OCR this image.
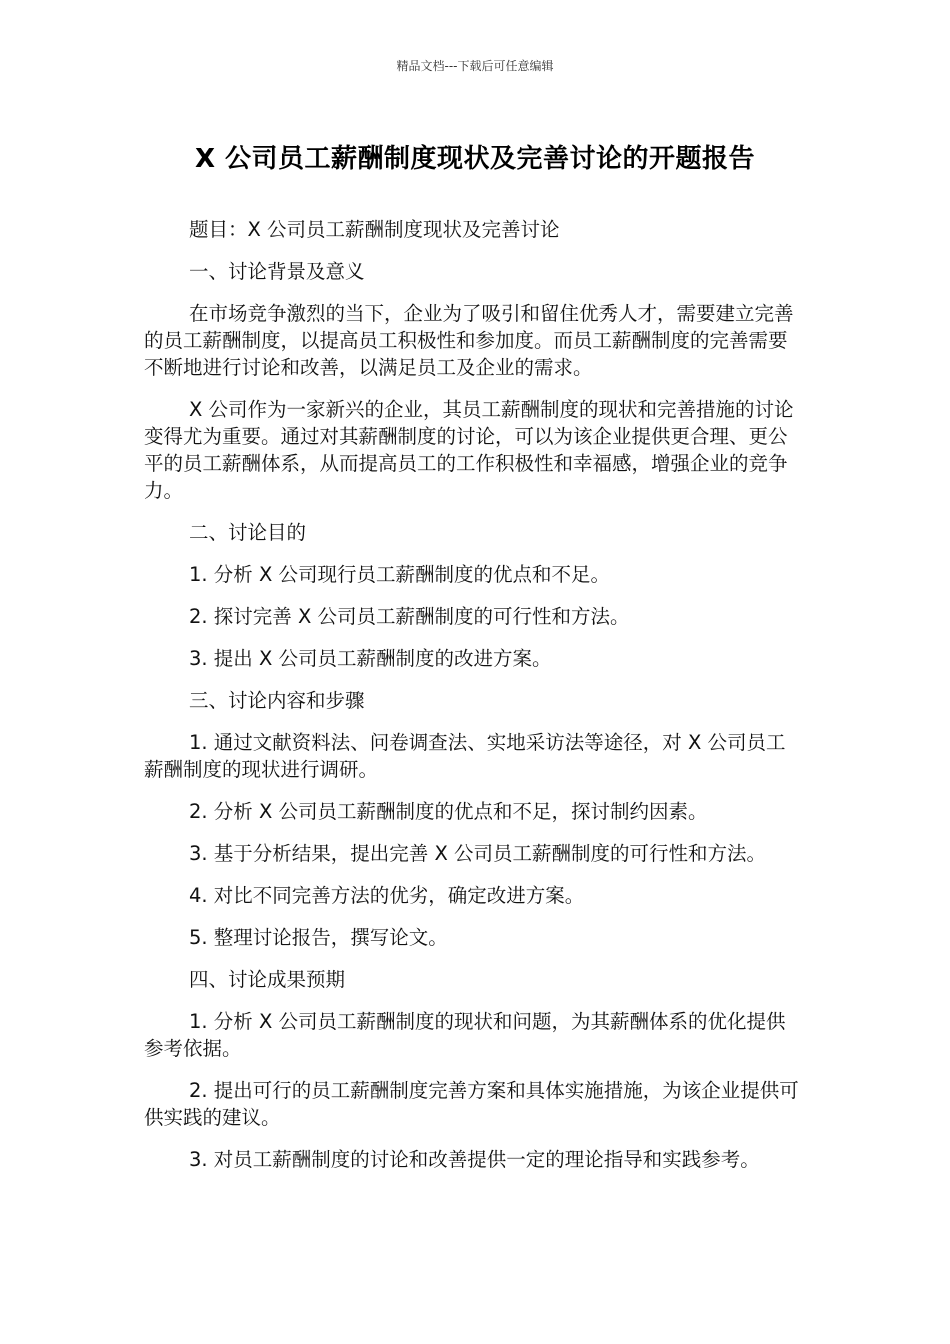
精品文档---下载后可任意编辑
X 公司员工薪酬制度现状及完善讨论的开题报告

题目：X 公司员工薪酬制度现状及完善讨论

一、讨论背景及意义

在市场竞争激烈的当下，企业为了吸引和留住优秀人才，需要建立完善的员工薪酬制度，以提高员工积极性和参加度。而员工薪酬制度的完善需要不断地进行讨论和改善，以满足员工及企业的需求。

X 公司作为一家新兴的企业，其员工薪酬制度的现状和完善措施的讨论变得尤为重要。通过对其薪酬制度的讨论，可以为该企业提供更合理、更公平的员工薪酬体系，从而提高员工的工作积极性和幸福感，增强企业的竞争力。

二、讨论目的

1. 分析 X 公司现行员工薪酬制度的优点和不足。

2. 探讨完善 X 公司员工薪酬制度的可行性和方法。

3. 提出 X 公司员工薪酬制度的改进方案。

三、讨论内容和步骤

1. 通过文献资料法、问卷调查法、实地采访法等途径，对 X 公司员工薪酬制度的现状进行调研。

2. 分析 X 公司员工薪酬制度的优点和不足，探讨制约因素。

3. 基于分析结果，提出完善 X 公司员工薪酬制度的可行性和方法。

4. 对比不同完善方法的优劣，确定改进方案。

5. 整理讨论报告，撰写论文。

四、讨论成果预期

1. 分析 X 公司员工薪酬制度的现状和问题，为其薪酬体系的优化提供参考依据。

2. 提出可行的员工薪酬制度完善方案和具体实施措施，为该企业提供可供实践的建议。

3. 对员工薪酬制度的讨论和改善提供一定的理论指导和实践参考。
